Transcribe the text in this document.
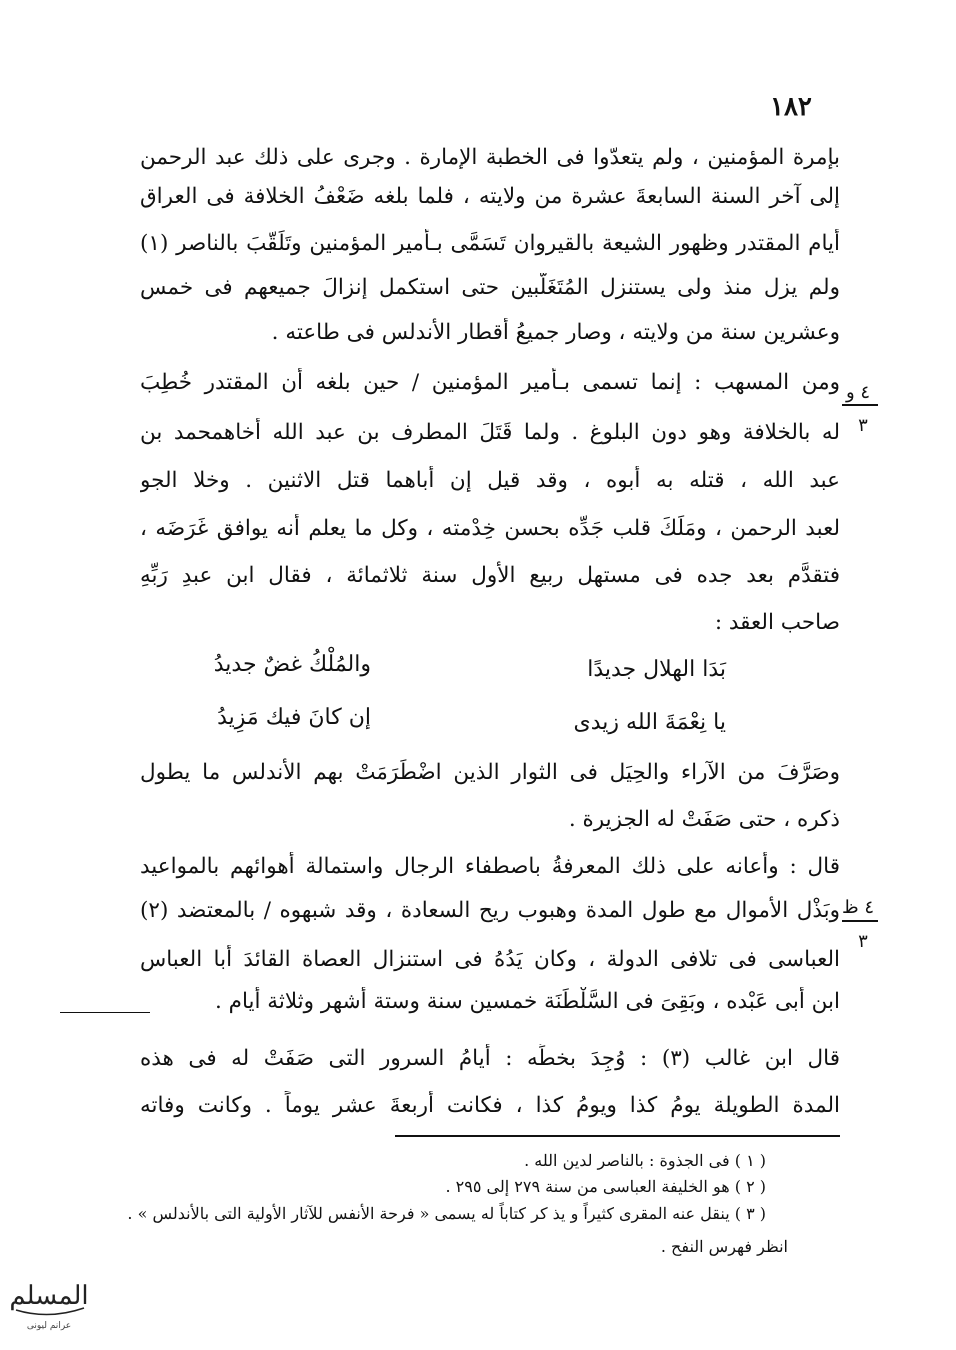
١٨٢
بإمرة المؤمنين ، ولم يتعدّوا فى الخطبة الإمارة . وجرى على ذلك عبد الرحمن
إلى آخر السنة السابعةَ عشرة من ولايته ، فلما بلغه ضَعْفُ الخلافة فى العراق
أيام المقتدر وظهور الشيعة بالقيروان تَسَمَّى بـأمير المؤمنين وتَلَقّبَ بالناصر (١)
ولم يزل منذ ولى يستنزل المُتَغَلّبين حتى استكمل إنزالَ جميعهم فى خمس
وعشرين سنة من ولايته ، وصار جميعُ أقطار الأندلس فى طاعته .
ومن المسهب : إنما تسمى بـأمير المؤمنين / حين بلغه أن المقتدر خُطِبَ
له بالخلافة وهو دون البلوغ . ولما قَتَلَ المطرف بن عبد الله أخاهمحمد بن
عبد الله ، قتله به أبوه ، وقد قيل إن أباهما قتل الاثنين . وخلا الجو
لعبد الرحمن ، ومَلَكَ قلب جَدِّه بحسن خِدْمته ، وكل ما يعلم أنه يوافق غَرَضَه ،
فتقدَّم بعد جده فى مستهل ربيع الأول سنة ثلاثمائة ، فقال ابن عبدِ رَبِّهِ
صاحب العقد :
بَدَا الهلال جديدًا
والمُلْكُ غضٌ جديدُ
يا نِعْمَةَ الله زيدى
إن كانَ فيك مَزِيدُ
وصَرَّفَ من الآراء والحِيَل فى الثوار الذين اضْطَرَمَتْ بهم الأندلس ما يطول
ذكره ، حتى صَفَتْ له الجزيرة .
قال : وأعانه على ذلك المعرفةُ باصطفاء الرجال واستمالة أهوائهم بالمواعيد
وبَذْل الأموال مع طول المدة وهبوب ريح السعادة ، وقد شبهوه / بالمعتضد (٢)
العباسى فى تلافى الدولة ، وكان يَدُهُ فى استنزال العصاة القائدَ أبا العباس
ابن أبى عَبْده ، وبَقِىَ فى السَّلْطَنَة خمسين سنة وستة أشهر وثلاثة أيام .
قال ابن غالب (٣) : وُجِدَ بخطِّه : أيامُ السرور التى صَفَتْ له فى هذه
المدة الطويلة يومُ كذا ويومُ كذا ، فكانت أربعةَ عشر يوماً . وكانت وفاته
٤ و
٣
٤ ظ
٣
( ١ ) فى الجذوة : بالناصر لدين الله .
( ٢ ) هو الخليفة العباسى من سنة ٢٧٩ إلى ٢٩٥ .
( ٣ ) ينقل عنه المقرى كثيراً و يذ كر كتاباً له يسمى « فرحة الأنفس للآثار الأولية التى بالأندلس » .
انظر فهرس النفح .
المسلم
عرانم ليونى
